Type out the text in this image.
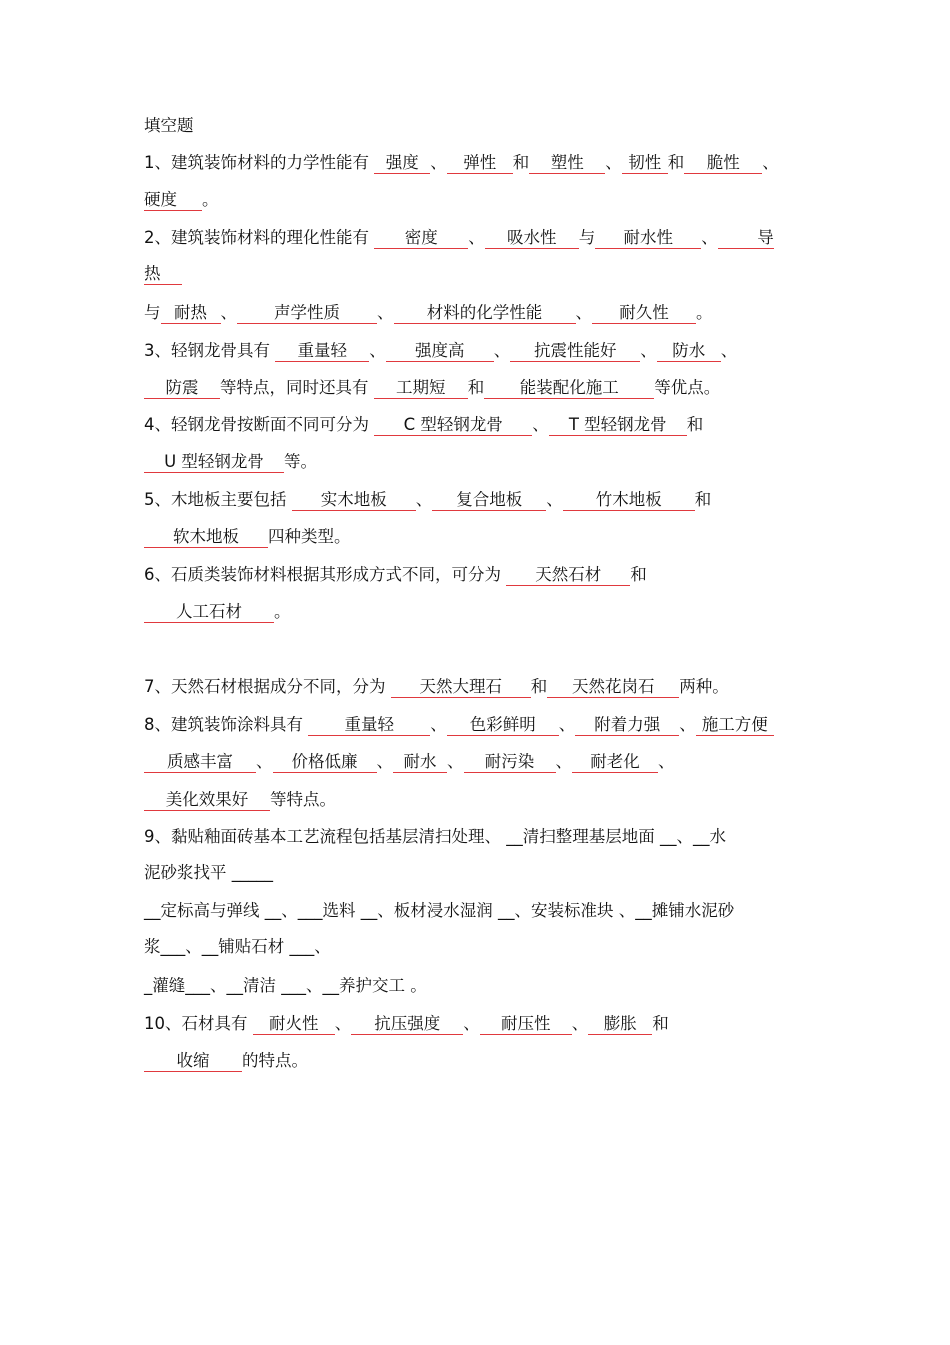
填空题
1、建筑装饰材料的力学性能有 强度 、 弹性 和 塑性 、 韧性 和 脆性 、
硬度 。
2、建筑装饰材料的理化性能有 密度 、 吸水性 与 耐水性 、 导
热
与 耐热 、 声学性质 、 材料的化学性能 、 耐久性 。
3、轻钢龙骨具有 重量轻 、 强度高 、 抗震性能好 、 防水 、
防震 等特点，同时还具有 工期短 和 能装配化施工 等优点。
4、轻钢龙骨按断面不同可分为 C 型轻钢龙骨 、 T 型轻钢龙骨 和
U 型轻钢龙骨 等。
5、木地板主要包括 实木地板 、 复合地板 、 竹木地板 和
软木地板 四种类型。
6、石质类装饰材料根据其形成方式不同，可分为 天然石材 和
人工石材 。
7、天然石材根据成分不同，分为 天然大理石 和 天然花岗石 两种。
8、建筑装饰涂料具有 重量轻 、 色彩鲜明 、 附着力强 、 施工方便
质感丰富 、 价格低廉 、 耐水 、 耐污染 、 耐老化 、
美化效果好 等特点。
9、黏贴釉面砖基本工艺流程包括基层清扫处理、 __清扫整理基层地面 __、__水
泥砂浆找平 _____
__定标高与弹线 __、___选料 __、板材浸水湿润 __、安装标准块 、__摊铺水泥砂
浆___、__铺贴石材 ___、
_灌缝___、__清洁 ___、__养护交工 。
10、石材具有 耐火性 、 抗压强度 、 耐压性 、 膨胀 和
收缩 的特点。
